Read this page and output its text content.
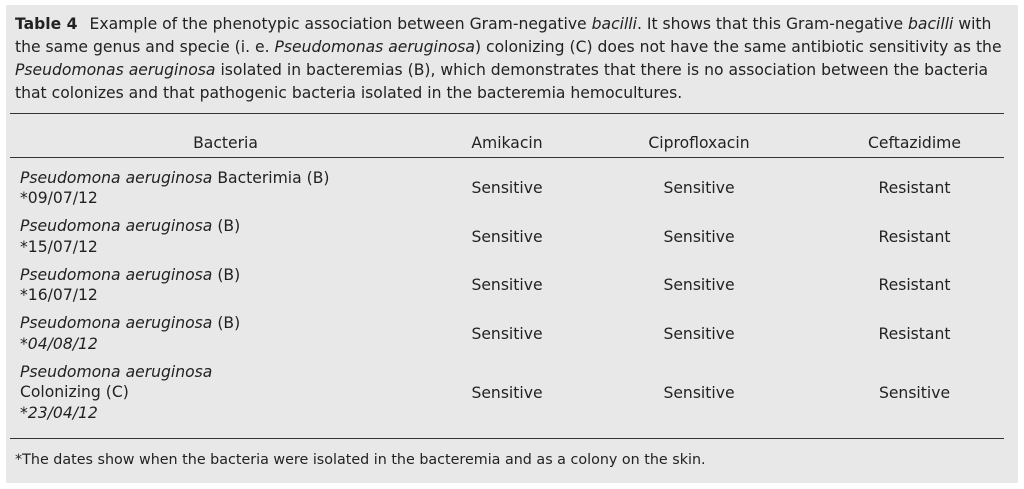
Table 4 Example of the phenotypic association between Gram-negative bacilli. It shows that this Gram-negative bacilli with the same genus and specie (i. e. Pseudomonas aeruginosa) colonizing (C) does not have the same antibiotic sensitivity as the Pseudomonas aeruginosa isolated in bacteremias (B), which demonstrates that there is no association between the bacteria that colonizes and that pathogenic bacteria isolated in the bacteremia hemocultures.
Bacteria	Amikacin	Ciprofloxacin	Ceftazidime

Pseudomona aeruginosa Bacterimia (B)
*09/07/12	Sensitive	Sensitive	Resistant

Pseudomona aeruginosa (B)
*15/07/12	Sensitive	Sensitive	Resistant

Pseudomona aeruginosa (B)
*16/07/12	Sensitive	Sensitive	Resistant

Pseudomona aeruginosa (B)
*04/08/12	Sensitive	Sensitive	Resistant

Pseudomona aeruginosa
Colonizing (C)
*23/04/12	Sensitive	Sensitive	Sensitive
*The dates show when the bacteria were isolated in the bacteremia and as a colony on the skin.
